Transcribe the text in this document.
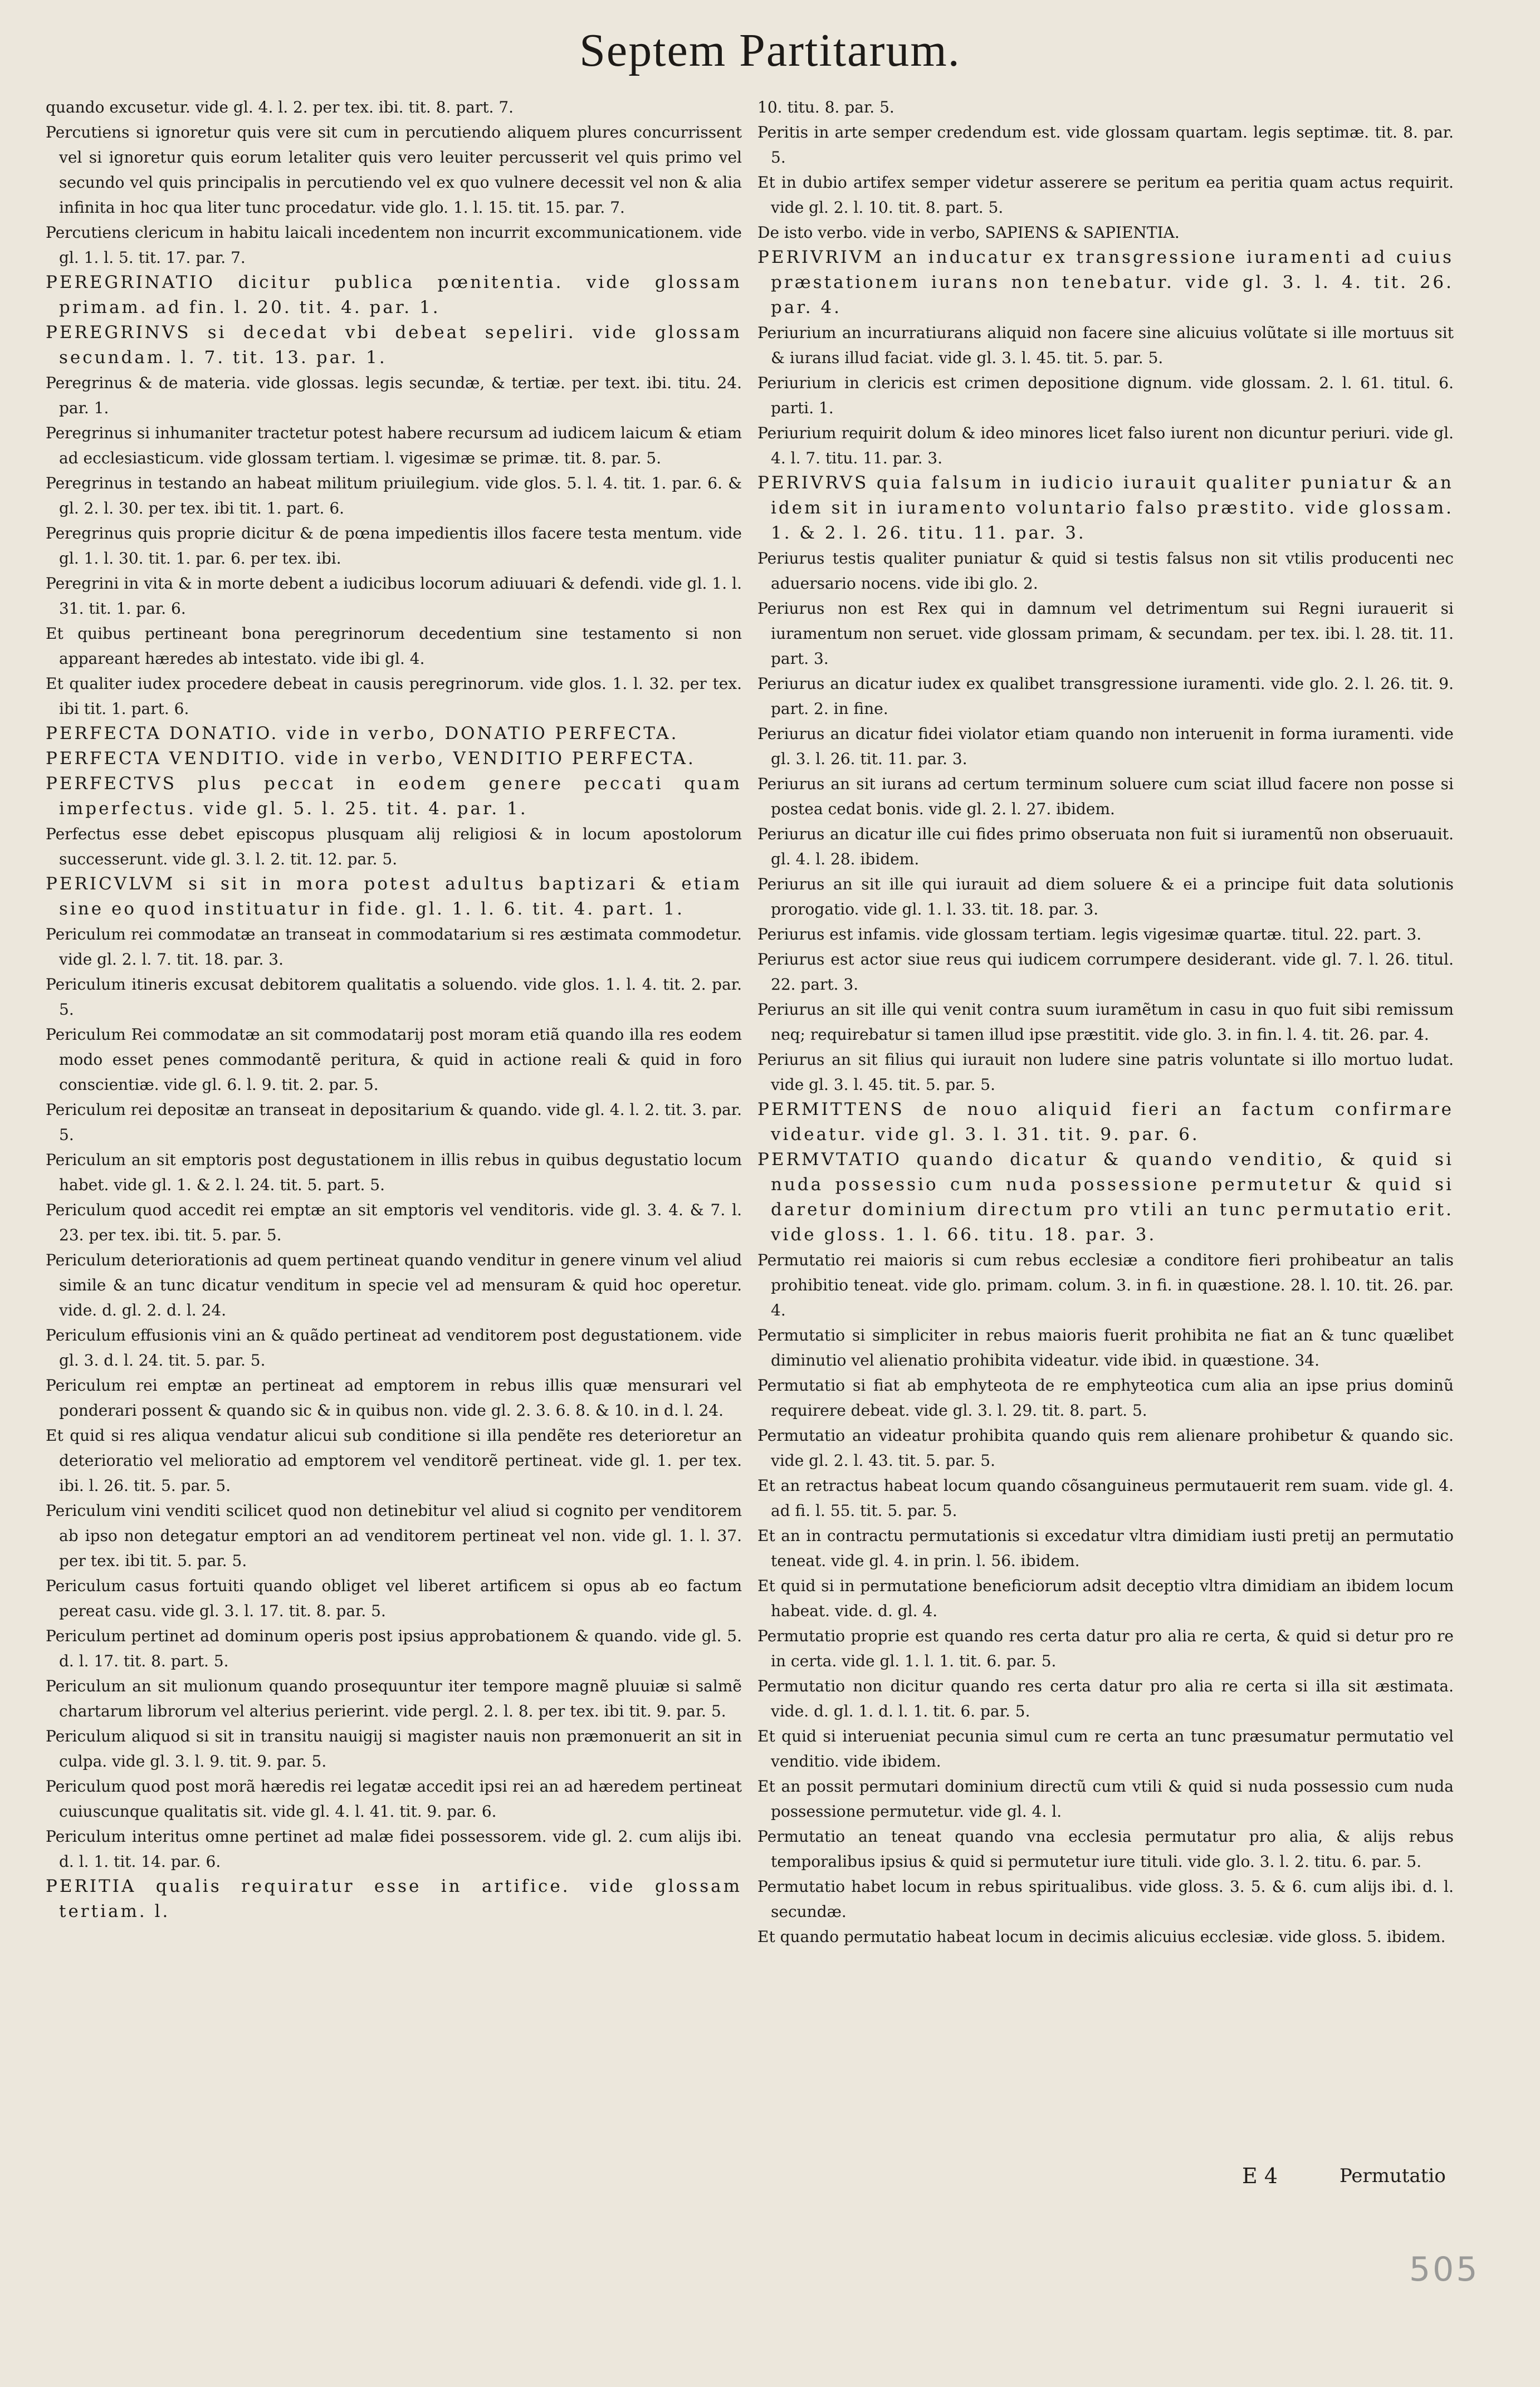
Septem Partitarum.

quando excusetur. vide gl. 4. l. 2. per tex. ibi. tit. 8. part. 7.

Percutiens si ignoretur quis vere sit cum in percutiendo aliquem plures concurrissent vel si ignoretur quis eorum letaliter quis vero leuiter percusserit vel quis primo vel secundo vel quis principalis in percutiendo vel ex quo vulnere decessit vel non & alia infinita in hoc qua liter tunc procedatur. vide glo. 1. l. 15. tit. 15. par. 7.

Percutiens clericum in habitu laicali incedentem non incurrit excommunicationem. vide gl. 1. l. 5. tit. 17. par. 7.

PEREGRINATIO dicitur publica pœnitentia. vide glossam primam. ad fin. l. 20. tit. 4. par. 1.

PEREGRINVS si decedat vbi debeat sepeliri. vide glossam secundam. l. 7. tit. 13. par. 1.

Peregrinus & de materia. vide glossas. legis secundæ, & tertiæ. per text. ibi. titu. 24. par. 1.

Peregrinus si inhumaniter tractetur potest habere recursum ad iudicem laicum & etiam ad ecclesiasticum. vide glossam tertiam. l. vigesimæ se primæ. tit. 8. par. 5.

Peregrinus in testando an habeat militum priuilegium. vide glos. 5. l. 4. tit. 1. par. 6. & gl. 2. l. 30. per tex. ibi tit. 1. part. 6.

Peregrinus quis proprie dicitur & de pœna impedientis illos facere testa mentum. vide gl. 1. l. 30. tit. 1. par. 6. per tex. ibi.

Peregrini in vita & in morte debent a iudicibus locorum adiuuari & defendi. vide gl. 1. l. 31. tit. 1. par. 6.

Et quibus pertineant bona peregrinorum decedentium sine testamento si non appareant hæredes ab intestato. vide ibi gl. 4.

Et qualiter iudex procedere debeat in causis peregrinorum. vide glos. 1. l. 32. per tex. ibi tit. 1. part. 6.

PERFECTA DONATIO. vide in verbo, DONATIO PERFECTA.

PERFECTA VENDITIO. vide in verbo, VENDITIO PERFECTA.

PERFECTVS plus peccat in eodem genere peccati quam imperfectus. vide gl. 5. l. 25. tit. 4. par. 1.

Perfectus esse debet episcopus plusquam alij religiosi & in locum apostolorum successerunt. vide gl. 3. l. 2. tit. 12. par. 5.

PERICVLVM si sit in mora potest adultus baptizari & etiam sine eo quod instituatur in fide. gl. 1. l. 6. tit. 4. part. 1.

Periculum rei commodatæ an transeat in commodatarium si res æstimata commodetur. vide gl. 2. l. 7. tit. 18. par. 3.

Periculum itineris excusat debitorem qualitatis a soluendo. vide glos. 1. l. 4. tit. 2. par. 5.

Periculum Rei commodatæ an sit commodatarij post moram etiã quando illa res eodem modo esset penes commodantẽ peritura, & quid in actione reali & quid in foro conscientiæ. vide gl. 6. l. 9. tit. 2. par. 5.

Periculum rei depositæ an transeat in depositarium & quando. vide gl. 4. l. 2. tit. 3. par. 5.

Periculum an sit emptoris post degustationem in illis rebus in quibus degustatio locum habet. vide gl. 1. & 2. l. 24. tit. 5. part. 5.

Periculum quod accedit rei emptæ an sit emptoris vel venditoris. vide gl. 3. 4. & 7. l. 23. per tex. ibi. tit. 5. par. 5.

Periculum deteriorationis ad quem pertineat quando venditur in genere vinum vel aliud simile & an tunc dicatur venditum in specie vel ad mensuram & quid hoc operetur. vide. d. gl. 2. d. l. 24.

Periculum effusionis vini an & quãdo pertineat ad venditorem post degustationem. vide gl. 3. d. l. 24. tit. 5. par. 5.

Periculum rei emptæ an pertineat ad emptorem in rebus illis quæ mensurari vel ponderari possent & quando sic & in quibus non. vide gl. 2. 3. 6. 8. & 10. in d. l. 24.

Et quid si res aliqua vendatur alicui sub conditione si illa pendẽte res deterioretur an deterioratio vel melioratio ad emptorem vel venditorẽ pertineat. vide gl. 1. per tex. ibi. l. 26. tit. 5. par. 5.

Periculum vini venditi scilicet quod non detinebitur vel aliud si cognito per venditorem ab ipso non detegatur emptori an ad venditorem pertineat vel non. vide gl. 1. l. 37. per tex. ibi tit. 5. par. 5.

Periculum casus fortuiti quando obliget vel liberet artificem si opus ab eo factum pereat casu. vide gl. 3. l. 17. tit. 8. par. 5.

Periculum pertinet ad dominum operis post ipsius approbationem & quando. vide gl. 5. d. l. 17. tit. 8. part. 5.

Periculum an sit mulionum quando prosequuntur iter tempore magnẽ pluuiæ si salmẽ chartarum librorum vel alterius perierint. vide pergl. 2. l. 8. per tex. ibi tit. 9. par. 5.

Periculum aliquod si sit in transitu nauigij si magister nauis non præmonuerit an sit in culpa. vide gl. 3. l. 9. tit. 9. par. 5.

Periculum quod post morã hæredis rei legatæ accedit ipsi rei an ad hæredem pertineat cuiuscunque qualitatis sit. vide gl. 4. l. 41. tit. 9. par. 6.

Periculum interitus omne pertinet ad malæ fidei possessorem. vide gl. 2. cum alijs ibi. d. l. 1. tit. 14. par. 6.

PERITIA qualis requiratur esse in artifice. vide glossam tertiam. l.

10. titu. 8. par. 5.

Peritis in arte semper credendum est. vide glossam quartam. legis septimæ. tit. 8. par. 5.

Et in dubio artifex semper videtur asserere se peritum ea peritia quam actus requirit. vide gl. 2. l. 10. tit. 8. part. 5.

De isto verbo. vide in verbo, SAPIENS & SAPIENTIA.

PERIVRIVM an inducatur ex transgressione iuramenti ad cuius præstationem iurans non tenebatur. vide gl. 3. l. 4. tit. 26. par. 4.

Periurium an incurratiurans aliquid non facere sine alicuius volũtate si ille mortuus sit & iurans illud faciat. vide gl. 3. l. 45. tit. 5. par. 5.

Periurium in clericis est crimen depositione dignum. vide glossam. 2. l. 61. titul. 6. parti. 1.

Periurium requirit dolum & ideo minores licet falso iurent non dicuntur periuri. vide gl. 4. l. 7. titu. 11. par. 3.

PERIVRVS quia falsum in iudicio iurauit qualiter puniatur & an idem sit in iuramento voluntario falso præstito. vide glossam. 1. & 2. l. 26. titu. 11. par. 3.

Periurus testis qualiter puniatur & quid si testis falsus non sit vtilis producenti nec aduersario nocens. vide ibi glo. 2.

Periurus non est Rex qui in damnum vel detrimentum sui Regni iurauerit si iuramentum non seruet. vide glossam primam, & secundam. per tex. ibi. l. 28. tit. 11. part. 3.

Periurus an dicatur iudex ex qualibet transgressione iuramenti. vide glo. 2. l. 26. tit. 9. part. 2. in fine.

Periurus an dicatur fidei violator etiam quando non interuenit in forma iuramenti. vide gl. 3. l. 26. tit. 11. par. 3.

Periurus an sit iurans ad certum terminum soluere cum sciat illud facere non posse si postea cedat bonis. vide gl. 2. l. 27. ibidem.

Periurus an dicatur ille cui fides primo obseruata non fuit si iuramentũ non obseruauit. gl. 4. l. 28. ibidem.

Periurus an sit ille qui iurauit ad diem soluere & ei a principe fuit data solutionis prorogatio. vide gl. 1. l. 33. tit. 18. par. 3.

Periurus est infamis. vide glossam tertiam. legis vigesimæ quartæ. titul. 22. part. 3.

Periurus est actor siue reus qui iudicem corrumpere desiderant. vide gl. 7. l. 26. titul. 22. part. 3.

Periurus an sit ille qui venit contra suum iuramẽtum in casu in quo fuit sibi remissum neq; requirebatur si tamen illud ipse præstitit. vide glo. 3. in fin. l. 4. tit. 26. par. 4.

Periurus an sit filius qui iurauit non ludere sine patris voluntate si illo mortuo ludat. vide gl. 3. l. 45. tit. 5. par. 5.

PERMITTENS de nouo aliquid fieri an factum confirmare videatur. vide gl. 3. l. 31. tit. 9. par. 6.

PERMVTATIO quando dicatur & quando venditio, & quid si nuda possessio cum nuda possessione permutetur & quid si daretur dominium directum pro vtili an tunc permutatio erit. vide gloss. 1. l. 66. titu. 18. par. 3.

Permutatio rei maioris si cum rebus ecclesiæ a conditore fieri prohibeatur an talis prohibitio teneat. vide glo. primam. colum. 3. in fi. in quæstione. 28. l. 10. tit. 26. par. 4.

Permutatio si simpliciter in rebus maioris fuerit prohibita ne fiat an & tunc quælibet diminutio vel alienatio prohibita videatur. vide ibid. in quæstione. 34.

Permutatio si fiat ab emphyteota de re emphyteotica cum alia an ipse prius dominũ requirere debeat. vide gl. 3. l. 29. tit. 8. part. 5.

Permutatio an videatur prohibita quando quis rem alienare prohibetur & quando sic. vide gl. 2. l. 43. tit. 5. par. 5.

Et an retractus habeat locum quando cõsanguineus permutauerit rem suam. vide gl. 4. ad fi. l. 55. tit. 5. par. 5.

Et an in contractu permutationis si excedatur vltra dimidiam iusti pretij an permutatio teneat. vide gl. 4. in prin. l. 56. ibidem.

Et quid si in permutatione beneficiorum adsit deceptio vltra dimidiam an ibidem locum habeat. vide. d. gl. 4.

Permutatio proprie est quando res certa datur pro alia re certa, & quid si detur pro re in certa. vide gl. 1. l. 1. tit. 6. par. 5.

Permutatio non dicitur quando res certa datur pro alia re certa si illa sit æstimata. vide. d. gl. 1. d. l. 1. tit. 6. par. 5.

Et quid si interueniat pecunia simul cum re certa an tunc præsumatur permutatio vel venditio. vide ibidem.

Et an possit permutari dominium directũ cum vtili & quid si nuda possessio cum nuda possessione permutetur. vide gl. 4. l.

Permutatio an teneat quando vna ecclesia permutatur pro alia, & alijs rebus temporalibus ipsius & quid si permutetur iure tituli. vide glo. 3. l. 2. titu. 6. par. 5.

Permutatio habet locum in rebus spiritualibus. vide gloss. 3. 5. & 6. cum alijs ibi. d. l. secundæ.

Et quando permutatio habeat locum in decimis alicuius ecclesiæ. vide gloss. 5. ibidem.

E 4	Permutatio
505
